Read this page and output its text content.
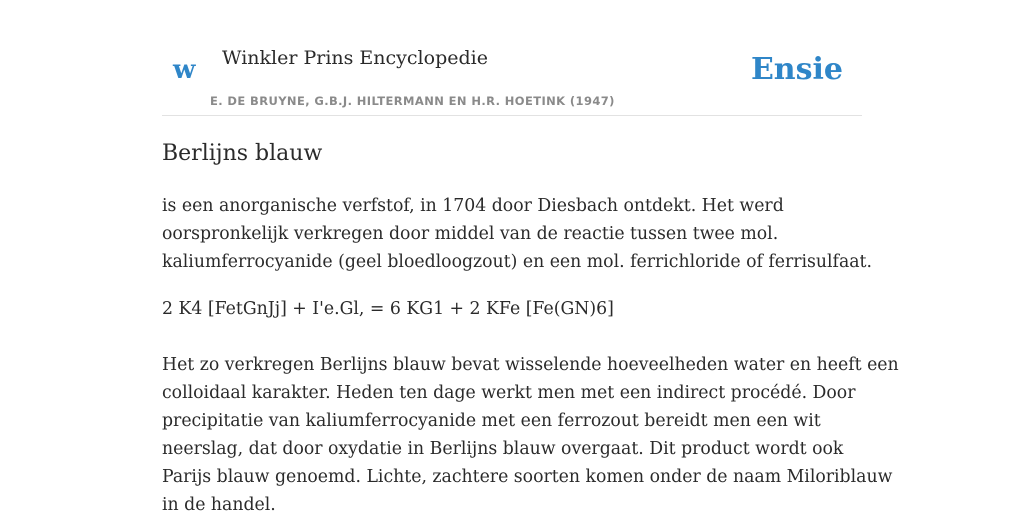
w Winkler Prins Encyclopedie
E. DE BRUYNE, G.B.J. HILTERMANN EN H.R. HOETINK (1947)
Ensie
Berlijns blauw

is een anorganische verfstof, in 1704 door Diesbach ontdekt. Het werd
oorspronkelijk verkregen door middel van de reactie tussen twee mol.
kaliumferrocyanide (geel bloedloogzout) en een mol. ferrichloride of ferrisulfaat.

2 K4 [FetGnJj] + I'e.Gl, = 6 KG1 + 2 KFe [Fe(GN)6]

Het zo verkregen Berlijns blauw bevat wisselende hoeveelheden water en heeft een
colloidaal karakter. Heden ten dage werkt men met een indirect procédé. Door
precipitatie van kaliumferrocyanide met een ferrozout bereidt men een wit
neerslag, dat door oxydatie in Berlijns blauw overgaat. Dit product wordt ook
Parijs blauw genoemd. Lichte, zachtere soorten komen onder de naam Miloriblauw
in de handel.
